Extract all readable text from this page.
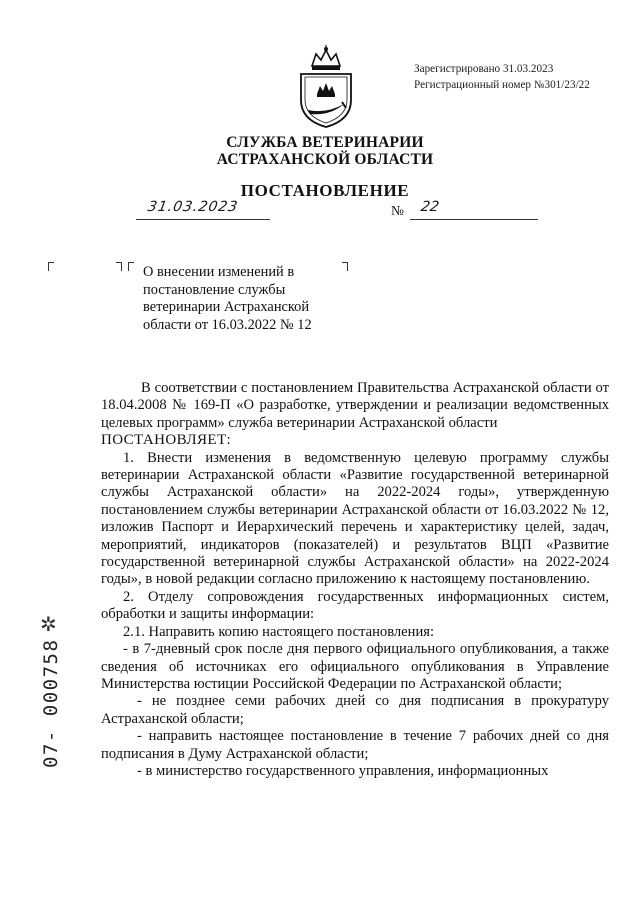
Зарегистрировано 31.03.2023
Регистрационный номер №301/23/22
СЛУЖБА ВЕТЕРИНАРИИ
АСТРАХАНСКОЙ ОБЛАСТИ
ПОСТАНОВЛЕНИЕ
31.03.2023	№ 22
О внесении изменений в
постановление службы
ветеринарии Астраханской
области от 16.03.2022 № 12

В соответствии с постановлением Правительства Астраханской области от 18.04.2008 № 169-П «О разработке, утверждении и реализации ведомственных целевых программ» служба ветеринарии Астраханской области

ПОСТАНОВЛЯЕТ:

1. Внести изменения в ведомственную целевую программу службы ветеринарии Астраханской области «Развитие государственной ветеринарной службы Астраханской области» на 2022-2024 годы», утвержденную постановлением службы ветеринарии Астраханской области от 16.03.2022 № 12, изложив Паспорт и Иерархический перечень и характеристику целей, задач, мероприятий, индикаторов (показателей) и результатов ВЦП «Развитие государственной ветеринарной службы Астраханской области» на 2022-2024 годы», в новой редакции согласно приложению к настоящему постановлению.

2. Отделу сопровождения государственных информационных систем, обработки и защиты информации:

2.1. Направить копию настоящего постановления:

- в 7-дневный срок после дня первого официального опубликования, а также сведения об источниках его официального опубликования в Управление Министерства юстиции Российской Федерации по Астраханской области;

- не позднее семи рабочих дней со дня подписания в прокуратуру Астраханской области;

- направить настоящее постановление в течение 7 рабочих дней со дня подписания в Думу Астраханской области;

- в министерство государственного управления, информационных

✲
07- 000758
